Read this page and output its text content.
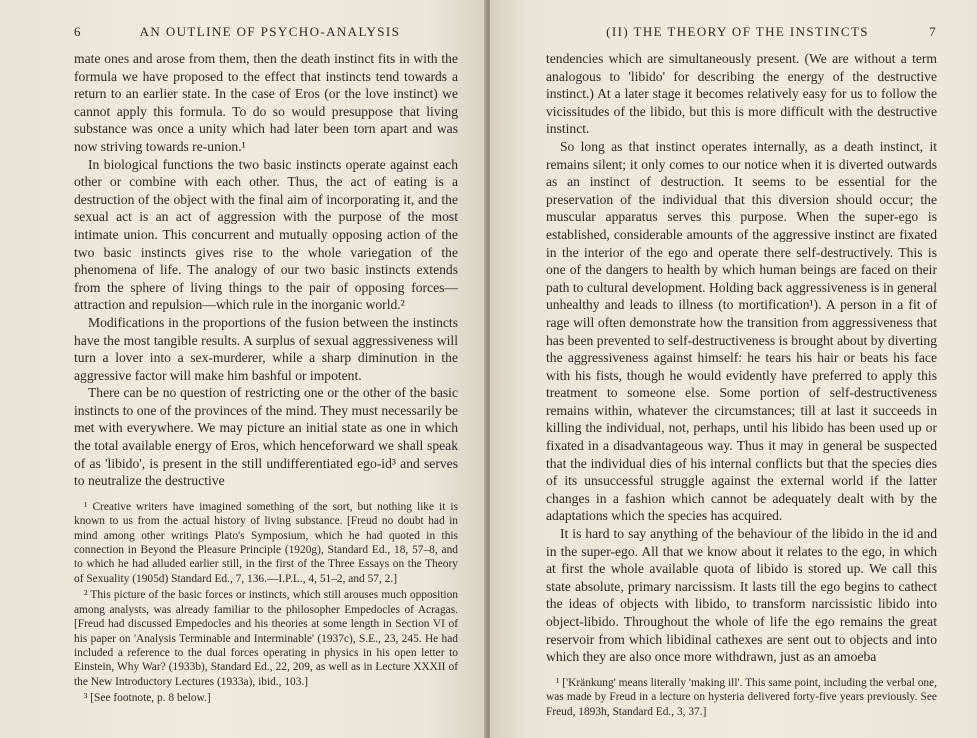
6	AN OUTLINE OF PSYCHO-ANALYSIS

mate ones and arose from them, then the death instinct fits in with the formula we have proposed to the effect that instincts tend towards a return to an earlier state. In the case of Eros (or the love instinct) we cannot apply this formula. To do so would presuppose that living substance was once a unity which had later been torn apart and was now striving towards re-union.¹

In biological functions the two basic instincts operate against each other or combine with each other. Thus, the act of eating is a destruction of the object with the final aim of incorporating it, and the sexual act is an act of aggression with the purpose of the most intimate union. This concurrent and mutually opposing action of the two basic instincts gives rise to the whole variegation of the phenomena of life. The analogy of our two basic instincts extends from the sphere of living things to the pair of opposing forces—attraction and repulsion—which rule in the inorganic world.²

Modifications in the proportions of the fusion between the instincts have the most tangible results. A surplus of sexual aggressiveness will turn a lover into a sex-murderer, while a sharp diminution in the aggressive factor will make him bashful or impotent.

There can be no question of restricting one or the other of the basic instincts to one of the provinces of the mind. They must necessarily be met with everywhere. We may picture an initial state as one in which the total available energy of Eros, which henceforward we shall speak of as 'libido', is present in the still undifferentiated ego-id³ and serves to neutralize the destructive

¹ Creative writers have imagined something of the sort, but nothing like it is known to us from the actual history of living substance. [Freud no doubt had in mind among other writings Plato's Symposium, which he had quoted in this connection in Beyond the Pleasure Principle (1920g), Standard Ed., 18, 57–8, and to which he had alluded earlier still, in the first of the Three Essays on the Theory of Sexuality (1905d) Standard Ed., 7, 136.—I.P.L., 4, 51–2, and 57, 2.]

² This picture of the basic forces or instincts, which still arouses much opposition among analysts, was already familiar to the philosopher Empedocles of Acragas. [Freud had discussed Empedocles and his theories at some length in Section VI of his paper on 'Analysis Terminable and Interminable' (1937c), S.E., 23, 245. He had included a reference to the dual forces operating in physics in his open letter to Einstein, Why War? (1933b), Standard Ed., 22, 209, as well as in Lecture XXXII of the New Introductory Lectures (1933a), ibid., 103.]

³ [See footnote, p. 8 below.]

(II) THE THEORY OF THE INSTINCTS	7

tendencies which are simultaneously present. (We are without a term analogous to 'libido' for describing the energy of the destructive instinct.) At a later stage it becomes relatively easy for us to follow the vicissitudes of the libido, but this is more difficult with the destructive instinct.

So long as that instinct operates internally, as a death instinct, it remains silent; it only comes to our notice when it is diverted outwards as an instinct of destruction. It seems to be essential for the preservation of the individual that this diversion should occur; the muscular apparatus serves this purpose. When the super-ego is established, considerable amounts of the aggressive instinct are fixated in the interior of the ego and operate there self-destructively. This is one of the dangers to health by which human beings are faced on their path to cultural development. Holding back aggressiveness is in general unhealthy and leads to illness (to mortification¹). A person in a fit of rage will often demonstrate how the transition from aggressiveness that has been prevented to self-destructiveness is brought about by diverting the aggressiveness against himself: he tears his hair or beats his face with his fists, though he would evidently have preferred to apply this treatment to someone else. Some portion of self-destructiveness remains within, whatever the circumstances; till at last it succeeds in killing the individual, not, perhaps, until his libido has been used up or fixated in a disadvantageous way. Thus it may in general be suspected that the individual dies of his internal conflicts but that the species dies of its unsuccessful struggle against the external world if the latter changes in a fashion which cannot be adequately dealt with by the adaptations which the species has acquired.

It is hard to say anything of the behaviour of the libido in the id and in the super-ego. All that we know about it relates to the ego, in which at first the whole available quota of libido is stored up. We call this state absolute, primary narcissism. It lasts till the ego begins to cathect the ideas of objects with libido, to transform narcissistic libido into object-libido. Throughout the whole of life the ego remains the great reservoir from which libidinal cathexes are sent out to objects and into which they are also once more withdrawn, just as an amoeba

¹ ['Kränkung' means literally 'making ill'. This same point, including the verbal one, was made by Freud in a lecture on hysteria delivered forty-five years previously. See Freud, 1893h, Standard Ed., 3, 37.]
